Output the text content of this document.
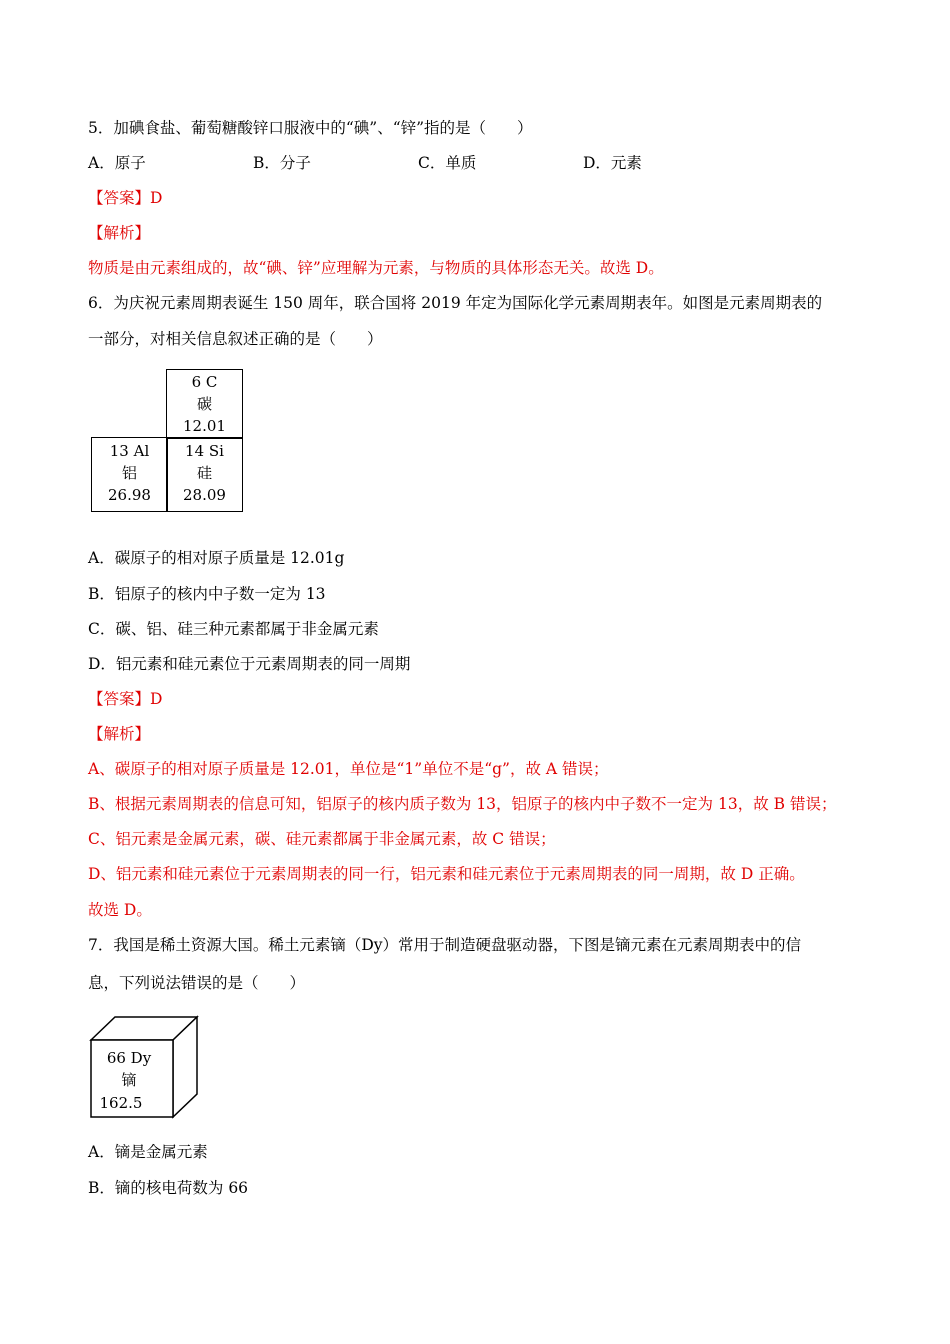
5．加碘食盐、葡萄糖酸锌口服液中的“碘”、“锌”指的是（　　）
A．原子	B．分子	C．单质	D．元素
【答案】D
【解析】
物质是由元素组成的，故“碘、锌”应理解为元素，与物质的具体形态无关。故选 D。
6．为庆祝元素周期表诞生 150 周年，联合国将 2019 年定为国际化学元素周期表年。如图是元素周期表的
一部分，对相关信息叙述正确的是（　　）
6 C
碳
12.01
13 Al
铝
26.98
14 Si
硅
28.09
A．碳原子的相对原子质量是 12.01g
B．铝原子的核内中子数一定为 13
C．碳、铝、硅三种元素都属于非金属元素
D．铝元素和硅元素位于元素周期表的同一周期
【答案】D
【解析】
A、碳原子的相对原子质量是 12.01，单位是“1”单位不是“g”，故 A 错误；
B、根据元素周期表的信息可知，铝原子的核内质子数为 13，铝原子的核内中子数不一定为 13，故 B 错误；
C、铝元素是金属元素，碳、硅元素都属于非金属元素，故 C 错误；
D、铝元素和硅元素位于元素周期表的同一行，铝元素和硅元素位于元素周期表的同一周期，故 D 正确。
故选 D。
7．我国是稀土资源大国。稀土元素镝（Dy）常用于制造硬盘驱动器，下图是镝元素在元素周期表中的信
息，下列说法错误的是（　　）
66 Dy
镝
162.5
A．镝是金属元素
B．镝的核电荷数为 66
